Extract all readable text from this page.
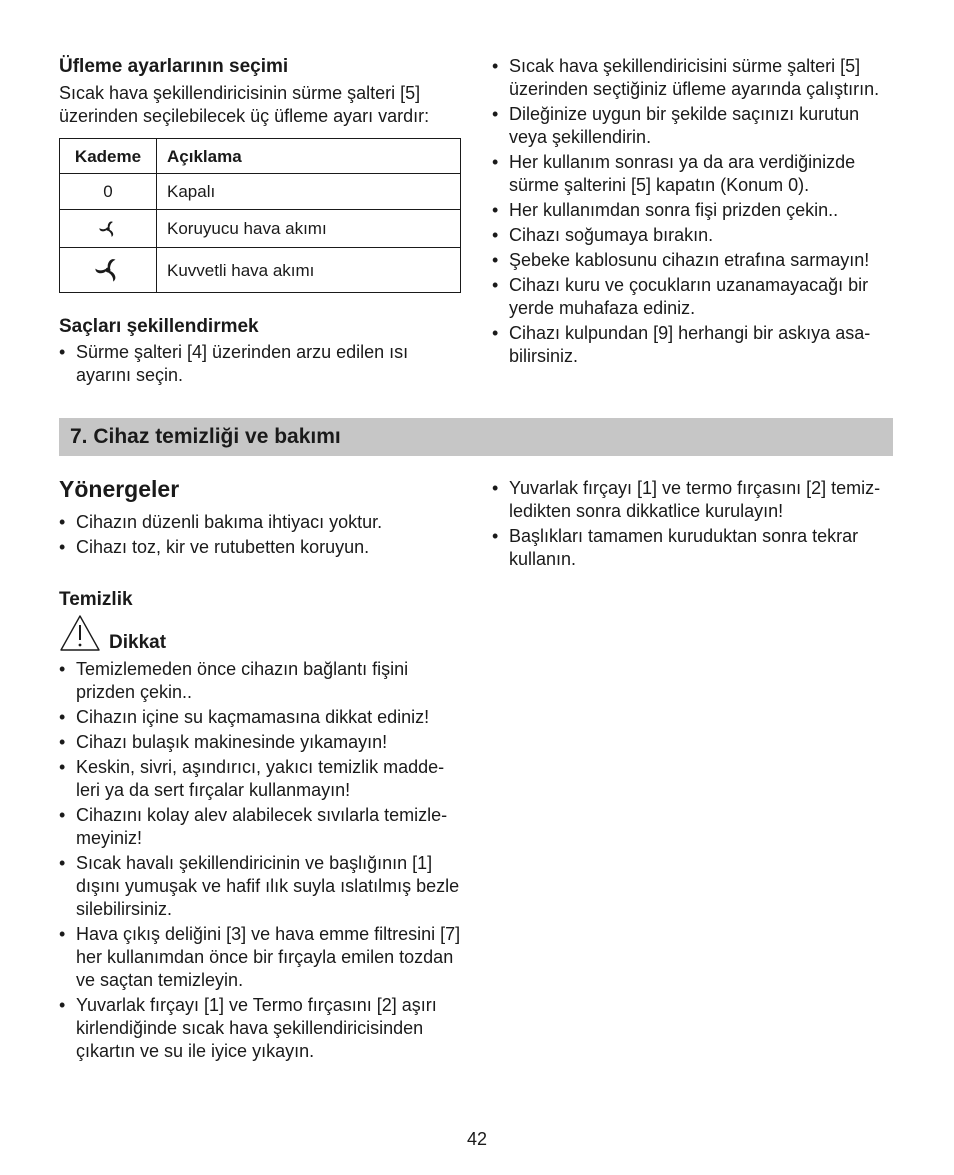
Üfleme ayarlarının seçimi

Sıcak hava şekillendiricisinin sürme şalteri [5] üzerinden seçilebilecek üç üfleme ayarı vardır:

Kademe	Açıklama
0	Kapalı
	Koruyucu hava akımı
	Kuvvetli hava akımı

Saçları şekillendirmek

• Sürme şalteri [4] üzerinden arzu edilen ısı ayarını seçin.
• Sıcak hava şekillendiricisini sürme şalteri [5] üzerinden seçtiğiniz üfleme ayarında çalıştırın.
• Dileğinize uygun bir şekilde saçınızı kurutun veya şekillendirin.
• Her kullanım sonrası ya da ara verdiğinizde sürme şalterini [5] kapatın (Konum 0).
• Her kullanımdan sonra fişi prizden çekin..
• Cihazı soğumaya bırakın.
• Şebeke kablosunu cihazın etrafına sarmayın!
• Cihazı kuru ve çocukların uzanamayacağı bir yerde muhafaza ediniz.
• Cihazı kulpundan [9] herhangi bir askıya asa-bilirsiniz.
7. Cihaz temizliği ve bakımı

Yönergeler

• Cihazın düzenli bakıma ihtiyacı yoktur.
• Cihazı toz, kir ve rutubetten koruyun.

Temizlik

Dikkat
• Temizlemeden önce cihazın bağlantı fişini prizden çekin..
• Cihazın içine su kaçmamasına dikkat ediniz!
• Cihazı bulaşık makinesinde yıkamayın!
• Keskin, sivri, aşındırıcı, yakıcı temizlik madde-leri ya da sert fırçalar kullanmayın!
• Cihazını kolay alev alabilecek sıvılarla temizle-meyiniz!
• Sıcak havalı şekillendiricinin ve başlığının [1] dışını yumuşak ve hafif ılık suyla ıslatılmış bezle silebilirsiniz.
• Hava çıkış deliğini [3] ve hava emme filtresini [7] her kullanımdan önce bir fırçayla emilen tozdan ve saçtan temizleyin.
• Yuvarlak fırçayı [1] ve Termo fırçasını [2] aşırı kirlendiğinde sıcak hava şekillendiricisinden çıkartın ve su ile iyice yıkayın.
• Yuvarlak fırçayı [1] ve termo fırçasını [2] temiz-ledikten sonra dikkatlice kurulayın!
• Başlıkları tamamen kuruduktan sonra tekrar kullanın.
42
